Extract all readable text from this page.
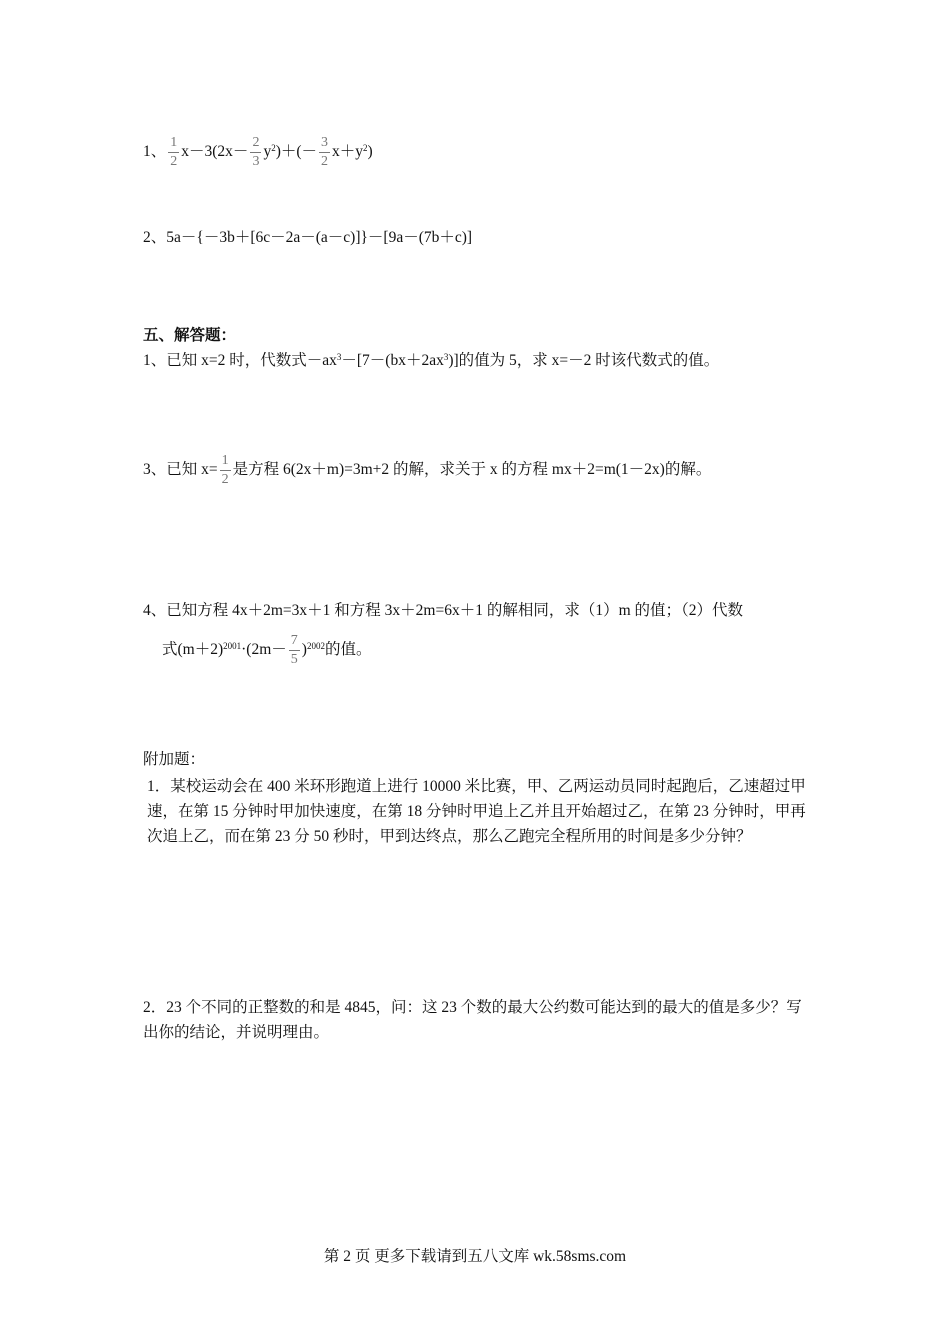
1、 $\frac{1}{2} x-3(2x- \frac{2}{3} y^2)+(- \frac{3}{2} x+y^2)$
2、5a－{－3b＋[6c－2a－(a－c)]}－[9a－(7b＋c)]
五、解答题：
1、已知 x=2 时，代数式$-ax^3-[7-(bx+2ax^3)]$的值为 5，求 x=－2 时该代数式的值。
3、已知 $x= \frac{1}{2}$ 是方程 6(2x＋m)=3m+2 的解，求关于 x 的方程 mx＋2=m(1－2x)的解。
4、已知方程 4x＋2m=3x＋1 和方程 3x＋2m=6x＋1 的解相同，求（1）m 的值；（2）代数
式$(m+2)^{2001}\cdot(2m- \frac{7}{5} )^{2002}$的值。
附加题：
1．某校运动会在 400 米环形跑道上进行 10000 米比赛，甲、乙两运动员同时起跑后，乙速超过甲速，在第 15 分钟时甲加快速度，在第 18 分钟时甲追上乙并且开始超过乙，在第 23 分钟时，甲再次追上乙，而在第 23 分 50 秒时，甲到达终点，那么乙跑完全程所用的时间是多少分钟？
2．23 个不同的正整数的和是 4845，问：这 23 个数的最大公约数可能达到的最大的值是多少？写出你的结论，并说明理由。
第 2 页 更多下载请到五八文库 wk.58sms.com
